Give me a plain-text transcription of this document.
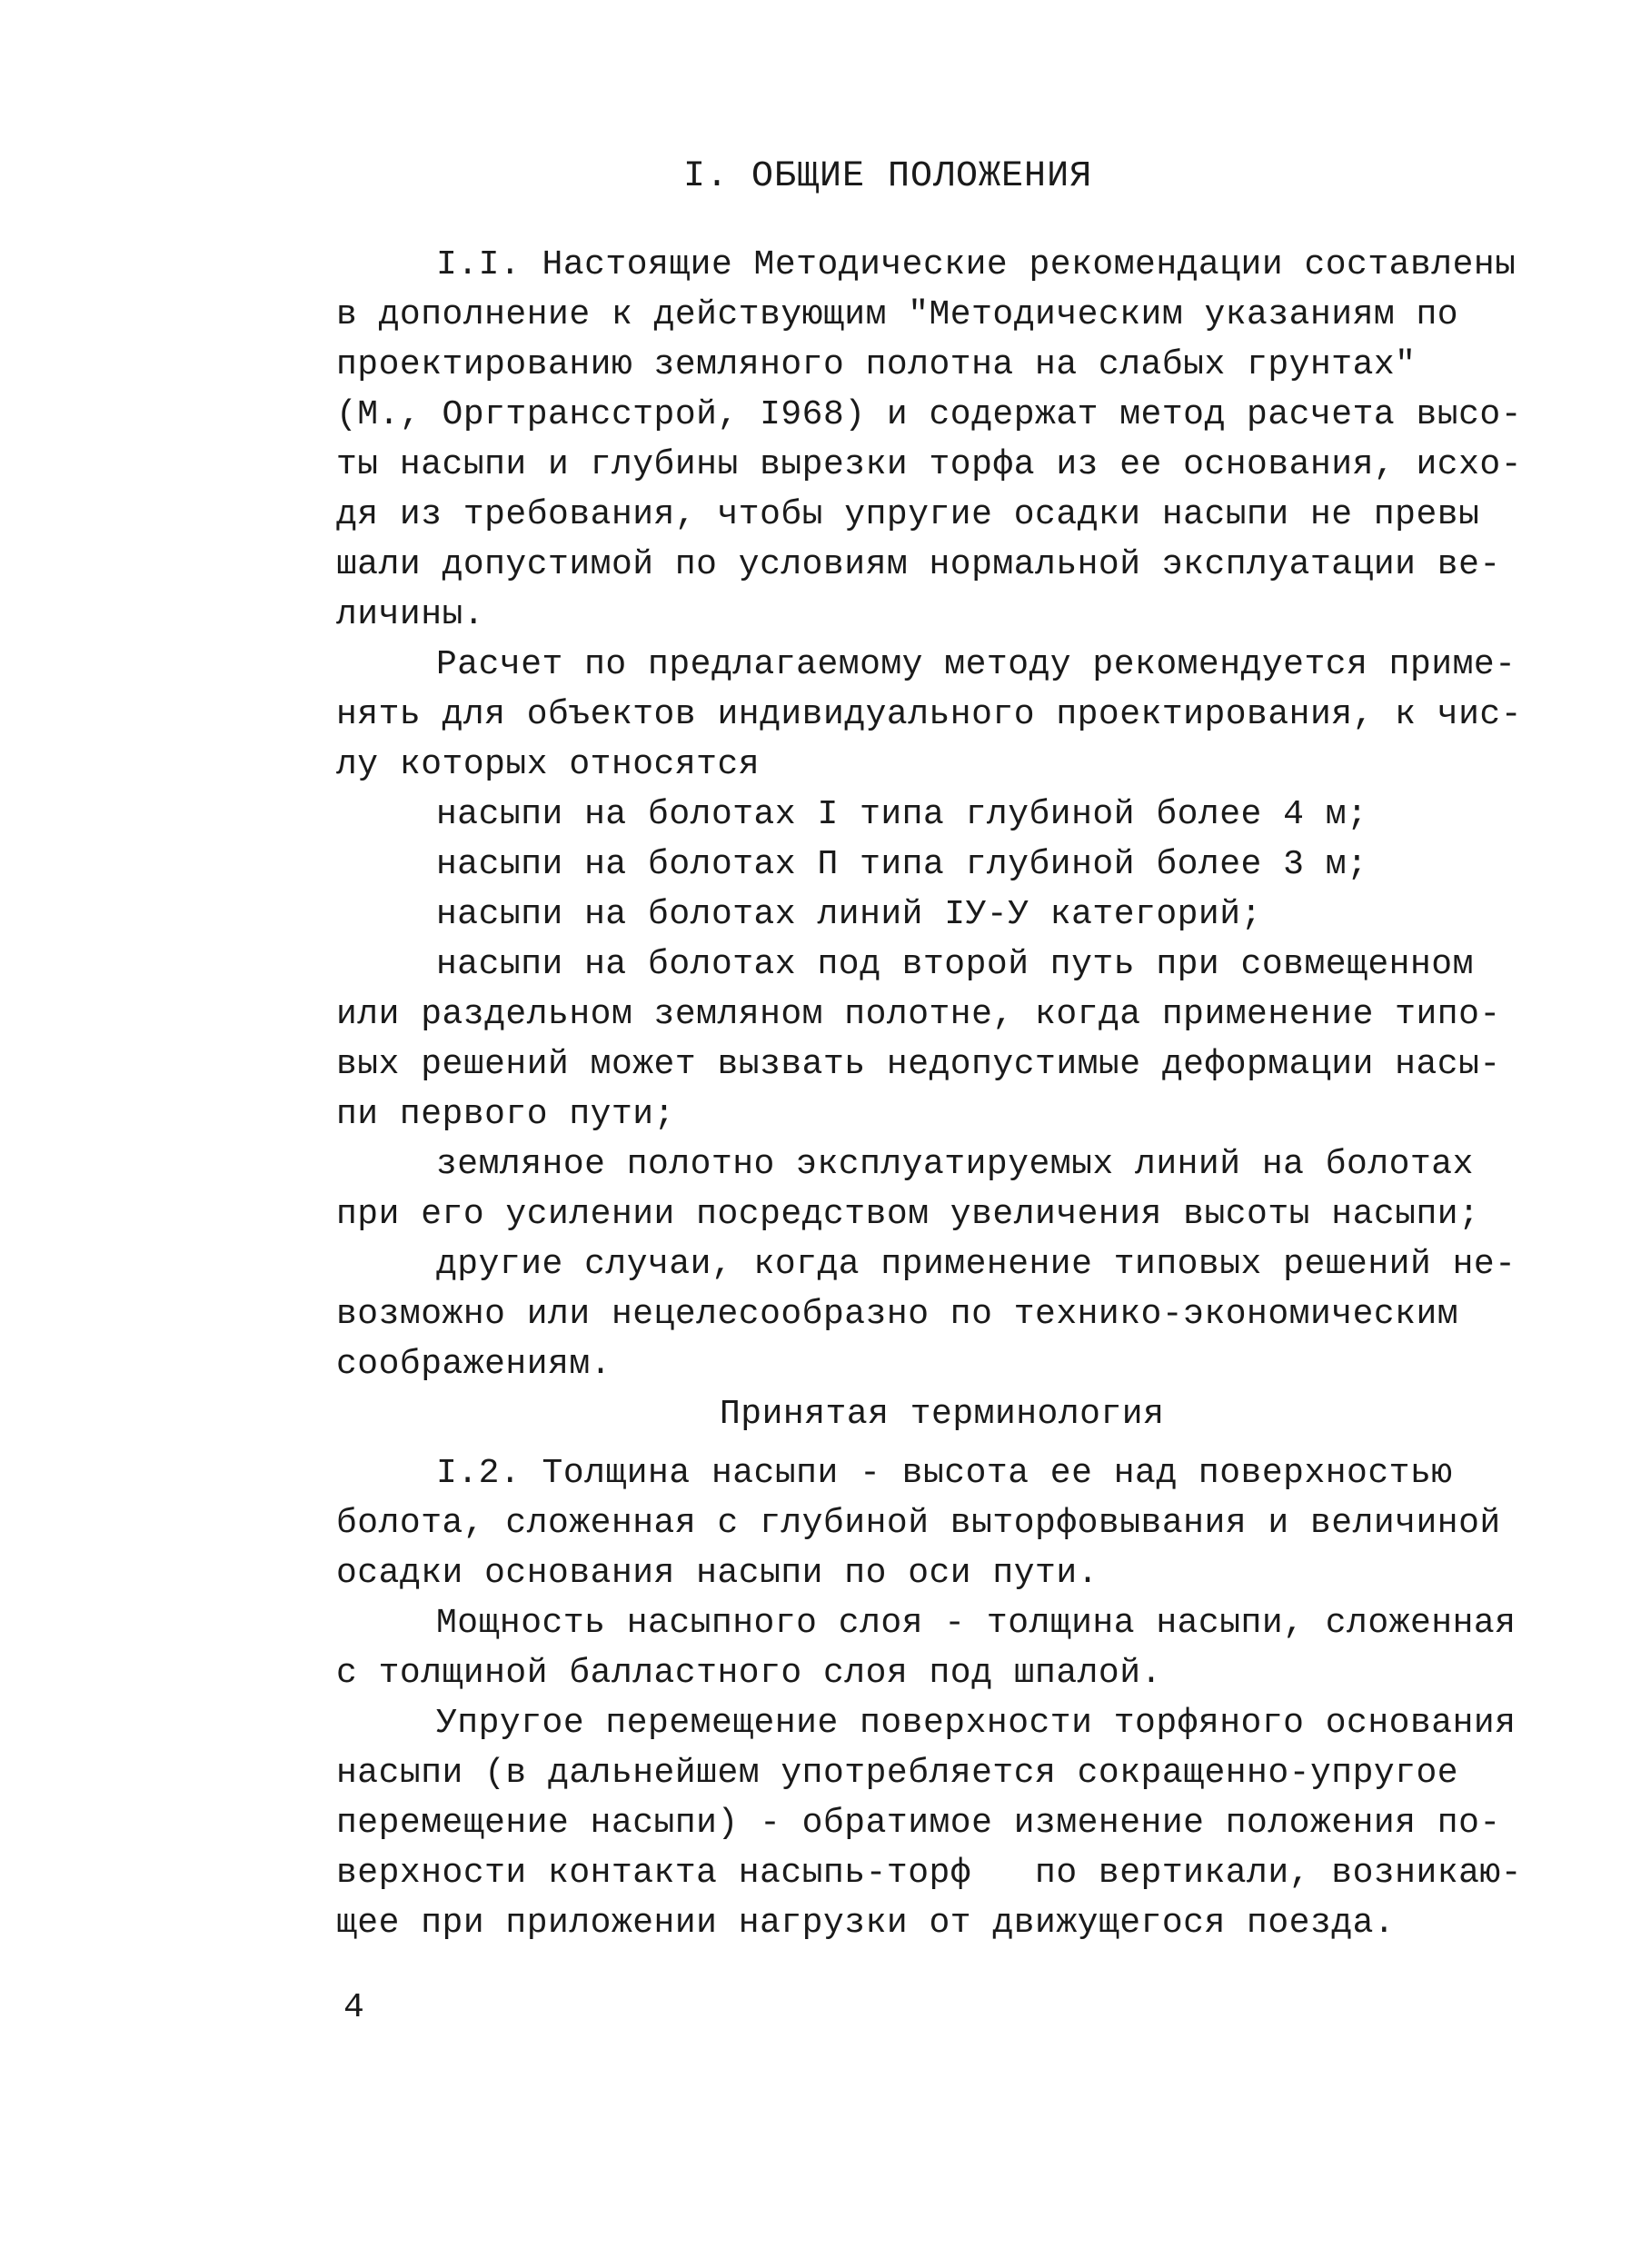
I. ОБЩИЕ ПОЛОЖЕНИЯ
I.I. Настоящие Методические рекомендации составлены
в дополнение к действующим "Методическим указаниям по
проектированию земляного полотна на слабых грунтах"
(М., Оргтрансстрой, I968) и содержат метод расчета высо-
ты насыпи и глубины вырезки торфа из ее основания, исхо-
дя из требования, чтобы упругие осадки насыпи не превы
шали допустимой по условиям нормальной эксплуатации ве-
личины.
Расчет по предлагаемому методу рекомендуется приме-
нять для объектов индивидуального проектирования, к чис-
лу которых относятся
насыпи на болотах I типа глубиной более 4 м;
насыпи на болотах П типа глубиной более 3 м;
насыпи на болотах линий IУ-У категорий;
насыпи на болотах под второй путь при совмещенном
или раздельном земляном полотне, когда применение типо-
вых решений может вызвать недопустимые деформации насы-
пи первого пути;
земляное полотно эксплуатируемых линий на болотах
при его усилении посредством увеличения высоты насыпи;
другие случаи, когда применение типовых решений не-
возможно или нецелесообразно по технико-экономическим
соображениям.
Принятая терминология
I.2. Толщина насыпи - высота ее над поверхностью
болота, сложенная с глубиной выторфовывания и величиной
осадки основания насыпи по оси пути.
Мощность насыпного слоя - толщина насыпи, сложенная
с толщиной балластного слоя под шпалой.
Упругое перемещение поверхности торфяного основания
насыпи (в дальнейшем употребляется сокращенно-упругое
перемещение насыпи) - обратимое изменение положения по-
верхности контакта насыпь-торф   по вертикали, возникаю-
щее при приложении нагрузки от движущегося поезда.
4
